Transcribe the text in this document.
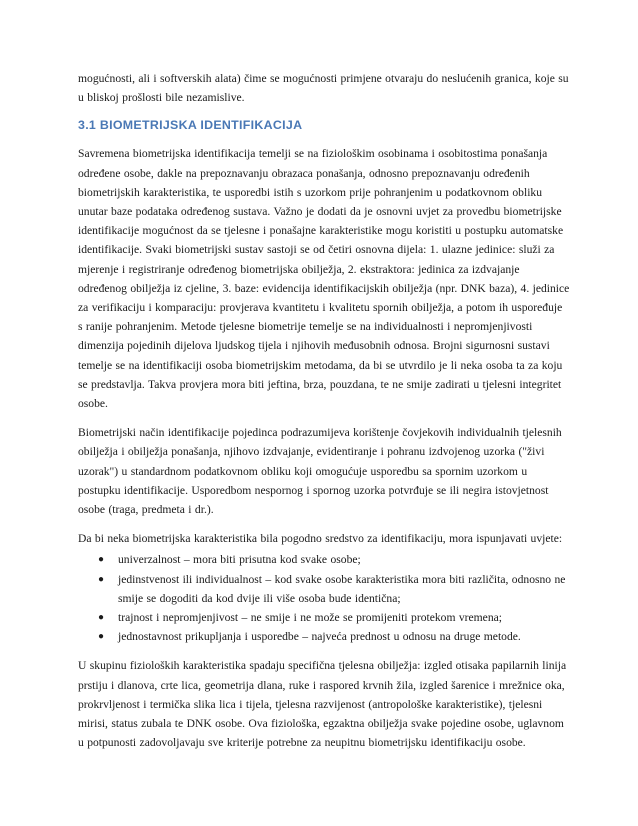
mogućnosti, ali i softverskih alata) čime se mogućnosti primjene otvaraju do neslućenih granica, koje su u bliskoj prošlosti bile nezamislive.

3.1 BIOMETRIJSKA IDENTIFIKACIJA

Savremena biometrijska identifikacija temelji se na fiziološkim osobinama i osobitostima ponašanja određene osobe, dakle na prepoznavanju obrazaca ponašanja, odnosno prepoznavanju određenih biometrijskih karakteristika, te usporedbi istih s uzorkom prije pohranjenim u podatkovnom obliku unutar baze podataka određenog sustava. Važno je dodati da je osnovni uvjet za provedbu biometrijske identifikacije mogućnost da se tjelesne i ponašajne karakteristike mogu koristiti u postupku automatske identifikacije. Svaki biometrijski sustav sastoji se od četiri osnovna dijela: 1. ulazne jedinice: služi za mjerenje i registriranje određenog biometrijska obilježja, 2. ekstraktora: jedinica za izdvajanje određenog obilježja iz cjeline, 3. baze: evidencija identifikacijskih obilježja (npr. DNK baza), 4. jedinice za verifikaciju i komparaciju: provjerava kvantitetu i kvalitetu spornih obilježja, a potom ih uspoređuje s ranije pohranjenim. Metode tjelesne biometrije temelje se na individualnosti i nepromjenjivosti dimenzija pojedinih dijelova ljudskog tijela i njihovih međusobnih odnosa. Brojni sigurnosni sustavi temelje se na identifikaciji osoba biometrijskim metodama, da bi se utvrdilo je li neka osoba ta za koju se predstavlja. Takva provjera mora biti jeftina, brza, pouzdana, te ne smije zadirati u tjelesni integritet osobe.

Biometrijski način identifikacije pojedinca podrazumijeva korištenje čovjekovih individualnih tjelesnih obilježja i obilježja ponašanja, njihovo izdvajanje, evidentiranje i pohranu izdvojenog uzorka ("živi uzorak") u standardnom podatkovnom obliku koji omogućuje usporedbu sa spornim uzorkom u postupku identifikacije. Usporedbom nespornog i spornog uzorka potvrđuje se ili negira istovjetnost osobe (traga, predmeta i dr.).

Da bi neka biometrijska karakteristika bila pogodno sredstvo za identifikaciju, mora ispunjavati uvjete:

● univerzalnost – mora biti prisutna kod svake osobe;
● jedinstvenost ili individualnost – kod svake osobe karakteristika mora biti različita, odnosno ne smije se dogoditi da kod dvije ili više osoba bude identična;
● trajnost i nepromjenjivost – ne smije i ne može se promijeniti protekom vremena;
● jednostavnost prikupljanja i usporedbe – najveća prednost u odnosu na druge metode.

U skupinu fizioloških karakteristika spadaju specifična tjelesna obilježja: izgled otisaka papilarnih linija prstiju i dlanova, crte lica, geometrija dlana, ruke i raspored krvnih žila, izgled šarenice i mrežnice oka, prokrvljenost i termička slika lica i tijela, tjelesna razvijenost (antropološke karakteristike), tjelesni mirisi, status zubala te DNK osobe. Ova fiziološka, egzaktna obilježja svake pojedine osobe, uglavnom u potpunosti zadovoljavaju sve kriterije potrebne za neupitnu biometrijsku identifikaciju osobe.
